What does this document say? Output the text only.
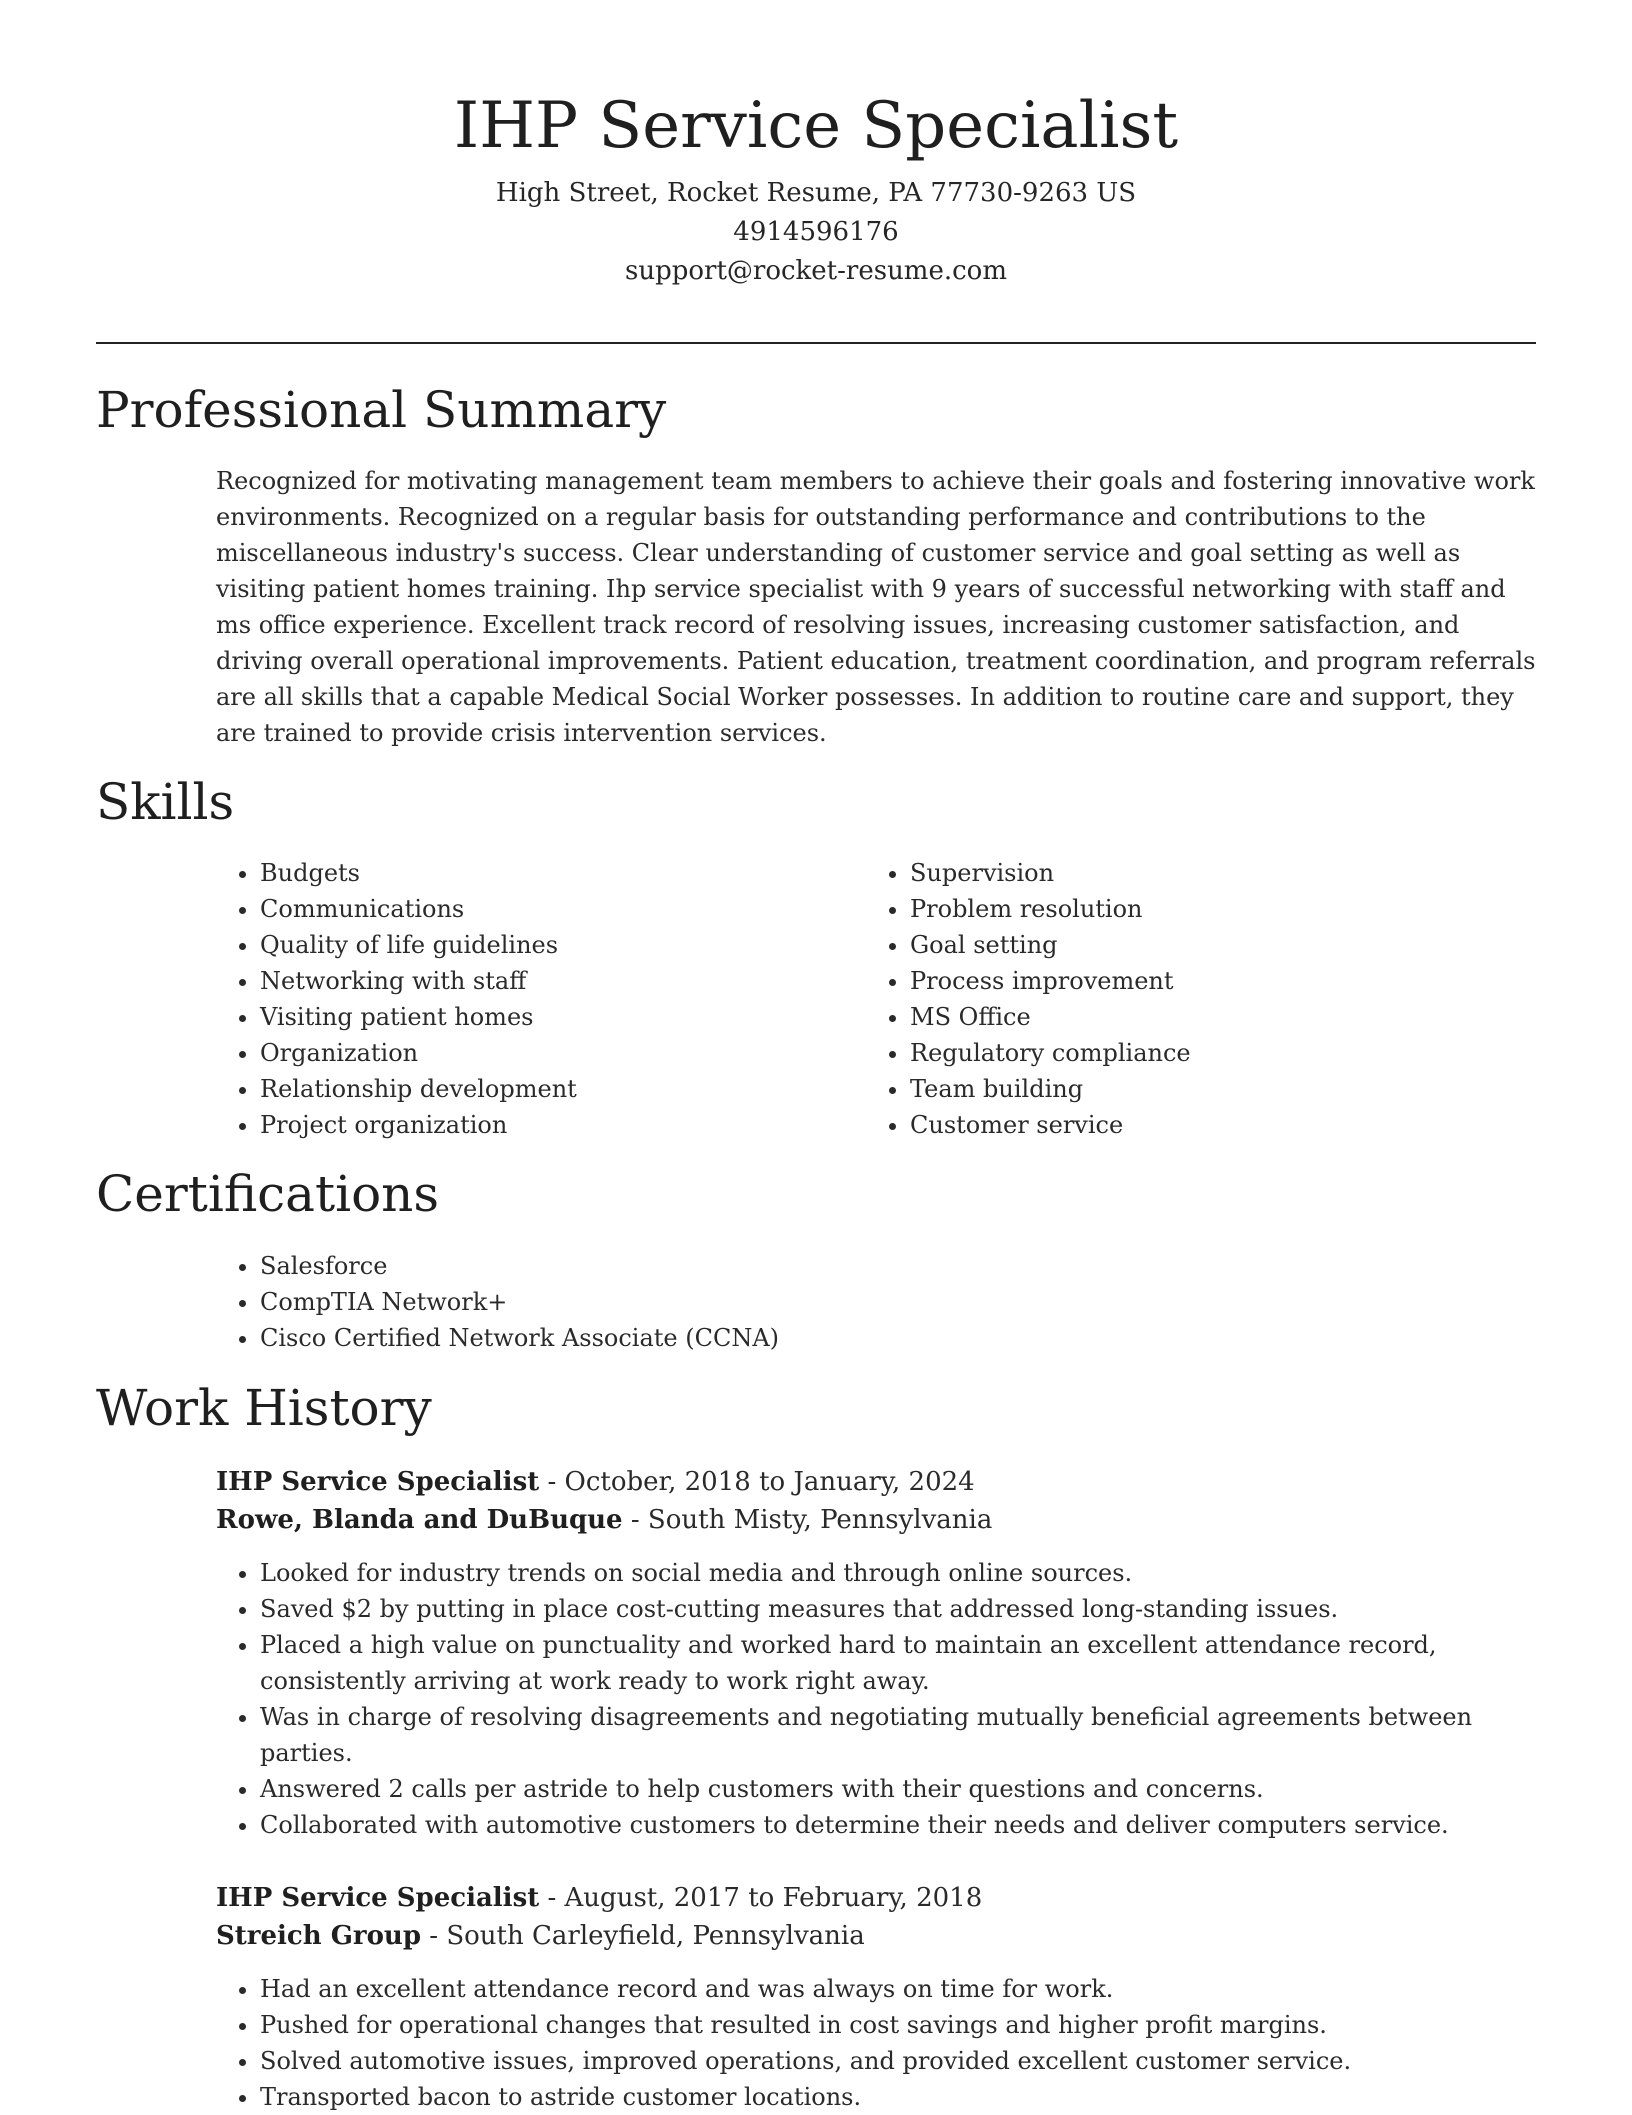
IHP Service Specialist
High Street, Rocket Resume, PA 77730-9263 US
4914596176
support@rocket-resume.com
Professional Summary
Recognized for motivating management team members to achieve their goals and fostering innovative work environments. Recognized on a regular basis for outstanding performance and contributions to the miscellaneous industry's success. Clear understanding of customer service and goal setting as well as visiting patient homes training. Ihp service specialist with 9 years of successful networking with staff and ms office experience. Excellent track record of resolving issues, increasing customer satisfaction, and driving overall operational improvements. Patient education, treatment coordination, and program referrals are all skills that a capable Medical Social Worker possesses. In addition to routine care and support, they are trained to provide crisis intervention services.
Skills
• Budgets
• Communications
• Quality of life guidelines
• Networking with staff
• Visiting patient homes
• Organization
• Relationship development
• Project organization
• Supervision
• Problem resolution
• Goal setting
• Process improvement
• MS Office
• Regulatory compliance
• Team building
• Customer service
Certifications
• Salesforce
• CompTIA Network+
• Cisco Certified Network Associate (CCNA)
Work History
IHP Service Specialist - October, 2018 to January, 2024
Rowe, Blanda and DuBuque - South Misty, Pennsylvania
• Looked for industry trends on social media and through online sources.
• Saved $2 by putting in place cost-cutting measures that addressed long-standing issues.
• Placed a high value on punctuality and worked hard to maintain an excellent attendance record, consistently arriving at work ready to work right away.
• Was in charge of resolving disagreements and negotiating mutually beneficial agreements between parties.
• Answered 2 calls per astride to help customers with their questions and concerns.
• Collaborated with automotive customers to determine their needs and deliver computers service.
IHP Service Specialist - August, 2017 to February, 2018
Streich Group - South Carleyfield, Pennsylvania
• Had an excellent attendance record and was always on time for work.
• Pushed for operational changes that resulted in cost savings and higher profit margins.
• Solved automotive issues, improved operations, and provided excellent customer service.
• Transported bacon to astride customer locations.
